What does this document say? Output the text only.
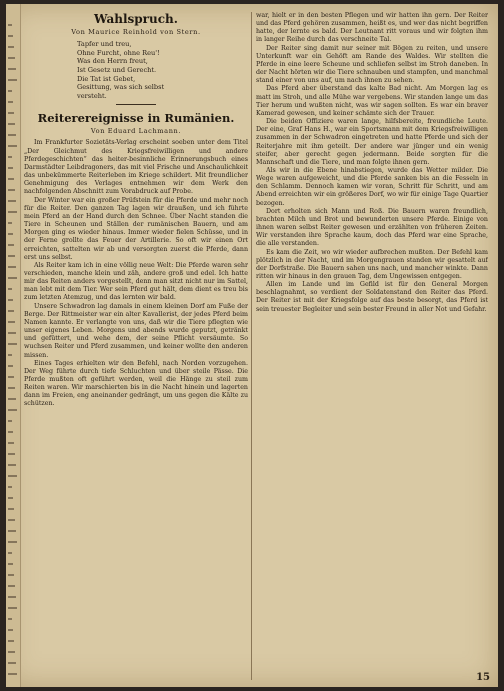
Wahlspruch.
Von Maurice Reinhold von Stern.
Tapfer und treu,
Ohne Furcht, ohne Reu'!
Was den Herrn freut,
Ist Gesetz und Gerecht.
Die Tat ist Gebet,
Gesittung, was sich selbst versteht.
Reiterereignisse in Rumänien.
Von Eduard Lachmann.

Im Frankfurter Sozietäts-Verlag erscheint soeben unter dem Titel „Der Gleichmut des Kriegsfreiwilligen und andere Pferdegeschichten“ das heiter-besinnliche Erinnerungsbuch eines Darmstädter Leibdragoners, das mit viel Frische und Anschaulichkeit das unbekümmerte Reiterleben im Kriege schildert. Mit freundlicher Genehmigung des Verlages entnehmen wir dem Werk den nachfolgenden Abschnitt zum Vorabdruck auf Probe.

Der Winter war ein großer Prüfstein für die Pferde und mehr noch für die Reiter. Den ganzen Tag lagen wir draußen, und ich führte mein Pferd an der Hand durch den Schnee. Über Nacht standen die Tiere in Scheunen und Ställen der rumänischen Bauern, und am Morgen ging es wieder hinaus. Immer wieder fielen Schüsse, und in der Ferne grollte das Feuer der Artillerie. So oft wir einen Ort erreichten, sattelten wir ab und versorgten zuerst die Pferde, dann erst uns selbst.

Als Reiter kam ich in eine völlig neue Welt: Die Pferde waren sehr verschieden, manche klein und zäh, andere groß und edel. Ich hatte mir das Reiten anders vorgestellt, denn man sitzt nicht nur im Sattel, man lebt mit dem Tier. Wer sein Pferd gut hält, dem dient es treu bis zum letzten Atemzug, und das lernten wir bald.

Unsere Schwadron lag damals in einem kleinen Dorf am Fuße der Berge. Der Rittmeister war ein alter Kavallerist, der jedes Pferd beim Namen kannte. Er verlangte von uns, daß wir die Tiere pflegten wie unser eigenes Leben. Morgens und abends wurde geputzt, getränkt und gefüttert, und wehe dem, der seine Pflicht versäumte. So wuchsen Reiter und Pferd zusammen, und keiner wollte den anderen missen.

Eines Tages erhielten wir den Befehl, nach Norden vorzugehen. Der Weg führte durch tiefe Schluchten und über steile Pässe. Die Pferde mußten oft geführt werden, weil die Hänge zu steil zum Reiten waren. Wir marschierten bis in die Nacht hinein und lagerten dann im Freien, eng aneinander gedrängt, um uns gegen die Kälte zu schützen.

war, hielt er in den besten Pflegen und wir hatten ihn gern. Der Reiter und das Pferd gehören zusammen, heißt es, und wer das nicht begriffen hatte, der lernte es bald. Der Leutnant ritt voraus und wir folgten ihm in langer Reihe durch das verschneite Tal.

Der Reiter sing damit nur seiner mit Bögen zu reiten, und unsere Unterkunft war ein Gehöft am Rande des Waldes. Wir stellten die Pferde in eine leere Scheune und schliefen selbst im Stroh daneben. In der Nacht hörten wir die Tiere schnauben und stampfen, und manchmal stand einer von uns auf, um nach ihnen zu sehen.

Das Pferd aber überstand das kalte Bad nicht. Am Morgen lag es matt im Stroh, und alle Mühe war vergebens. Wir standen lange um das Tier herum und wußten nicht, was wir sagen sollten. Es war ein braver Kamerad gewesen, und keiner schämte sich der Trauer.

Die beiden Offiziere waren lange, hilfsbereite, freundliche Leute. Der eine, Graf Hans H., war ein Sportsmann mit dem Kriegsfreiwilligen zusammen in der Schwadron eingetreten und hatte Pferde und sich der Reiterjahre mit ihm geteilt. Der andere war jünger und ein wenig steifer, aber gerecht gegen jedermann. Beide sorgten für die Mannschaft und die Tiere, und man folgte ihnen gern.

Als wir in die Ebene hinabstiegen, wurde das Wetter milder. Die Wege waren aufgeweicht, und die Pferde sanken bis an die Fesseln in den Schlamm. Dennoch kamen wir voran, Schritt für Schritt, und am Abend erreichten wir ein größeres Dorf, wo wir für einige Tage Quartier bezogen.

Dort erholten sich Mann und Roß. Die Bauern waren freundlich, brachten Milch und Brot und bewunderten unsere Pferde. Einige von ihnen waren selbst Reiter gewesen und erzählten von früheren Zeiten. Wir verstanden ihre Sprache kaum, doch das Pferd war eine Sprache, die alle verstanden.

Es kam die Zeit, wo wir wieder aufbrechen mußten. Der Befehl kam plötzlich in der Nacht, und im Morgengrauen standen wir gesattelt auf der Dorfstraße. Die Bauern sahen uns nach, und mancher winkte. Dann ritten wir hinaus in den grauen Tag, dem Ungewissen entgegen.

Allen im Lande und im Gefild ist für den General Morgen beschlagnahmt, so verdient der Soldatenstand den Reiter das Pferd. Der Reiter ist mit der Kriegsfolge auf das beste besorgt, das Pferd ist sein treuester Begleiter und sein bester Freund in aller Not und Gefahr.

15
